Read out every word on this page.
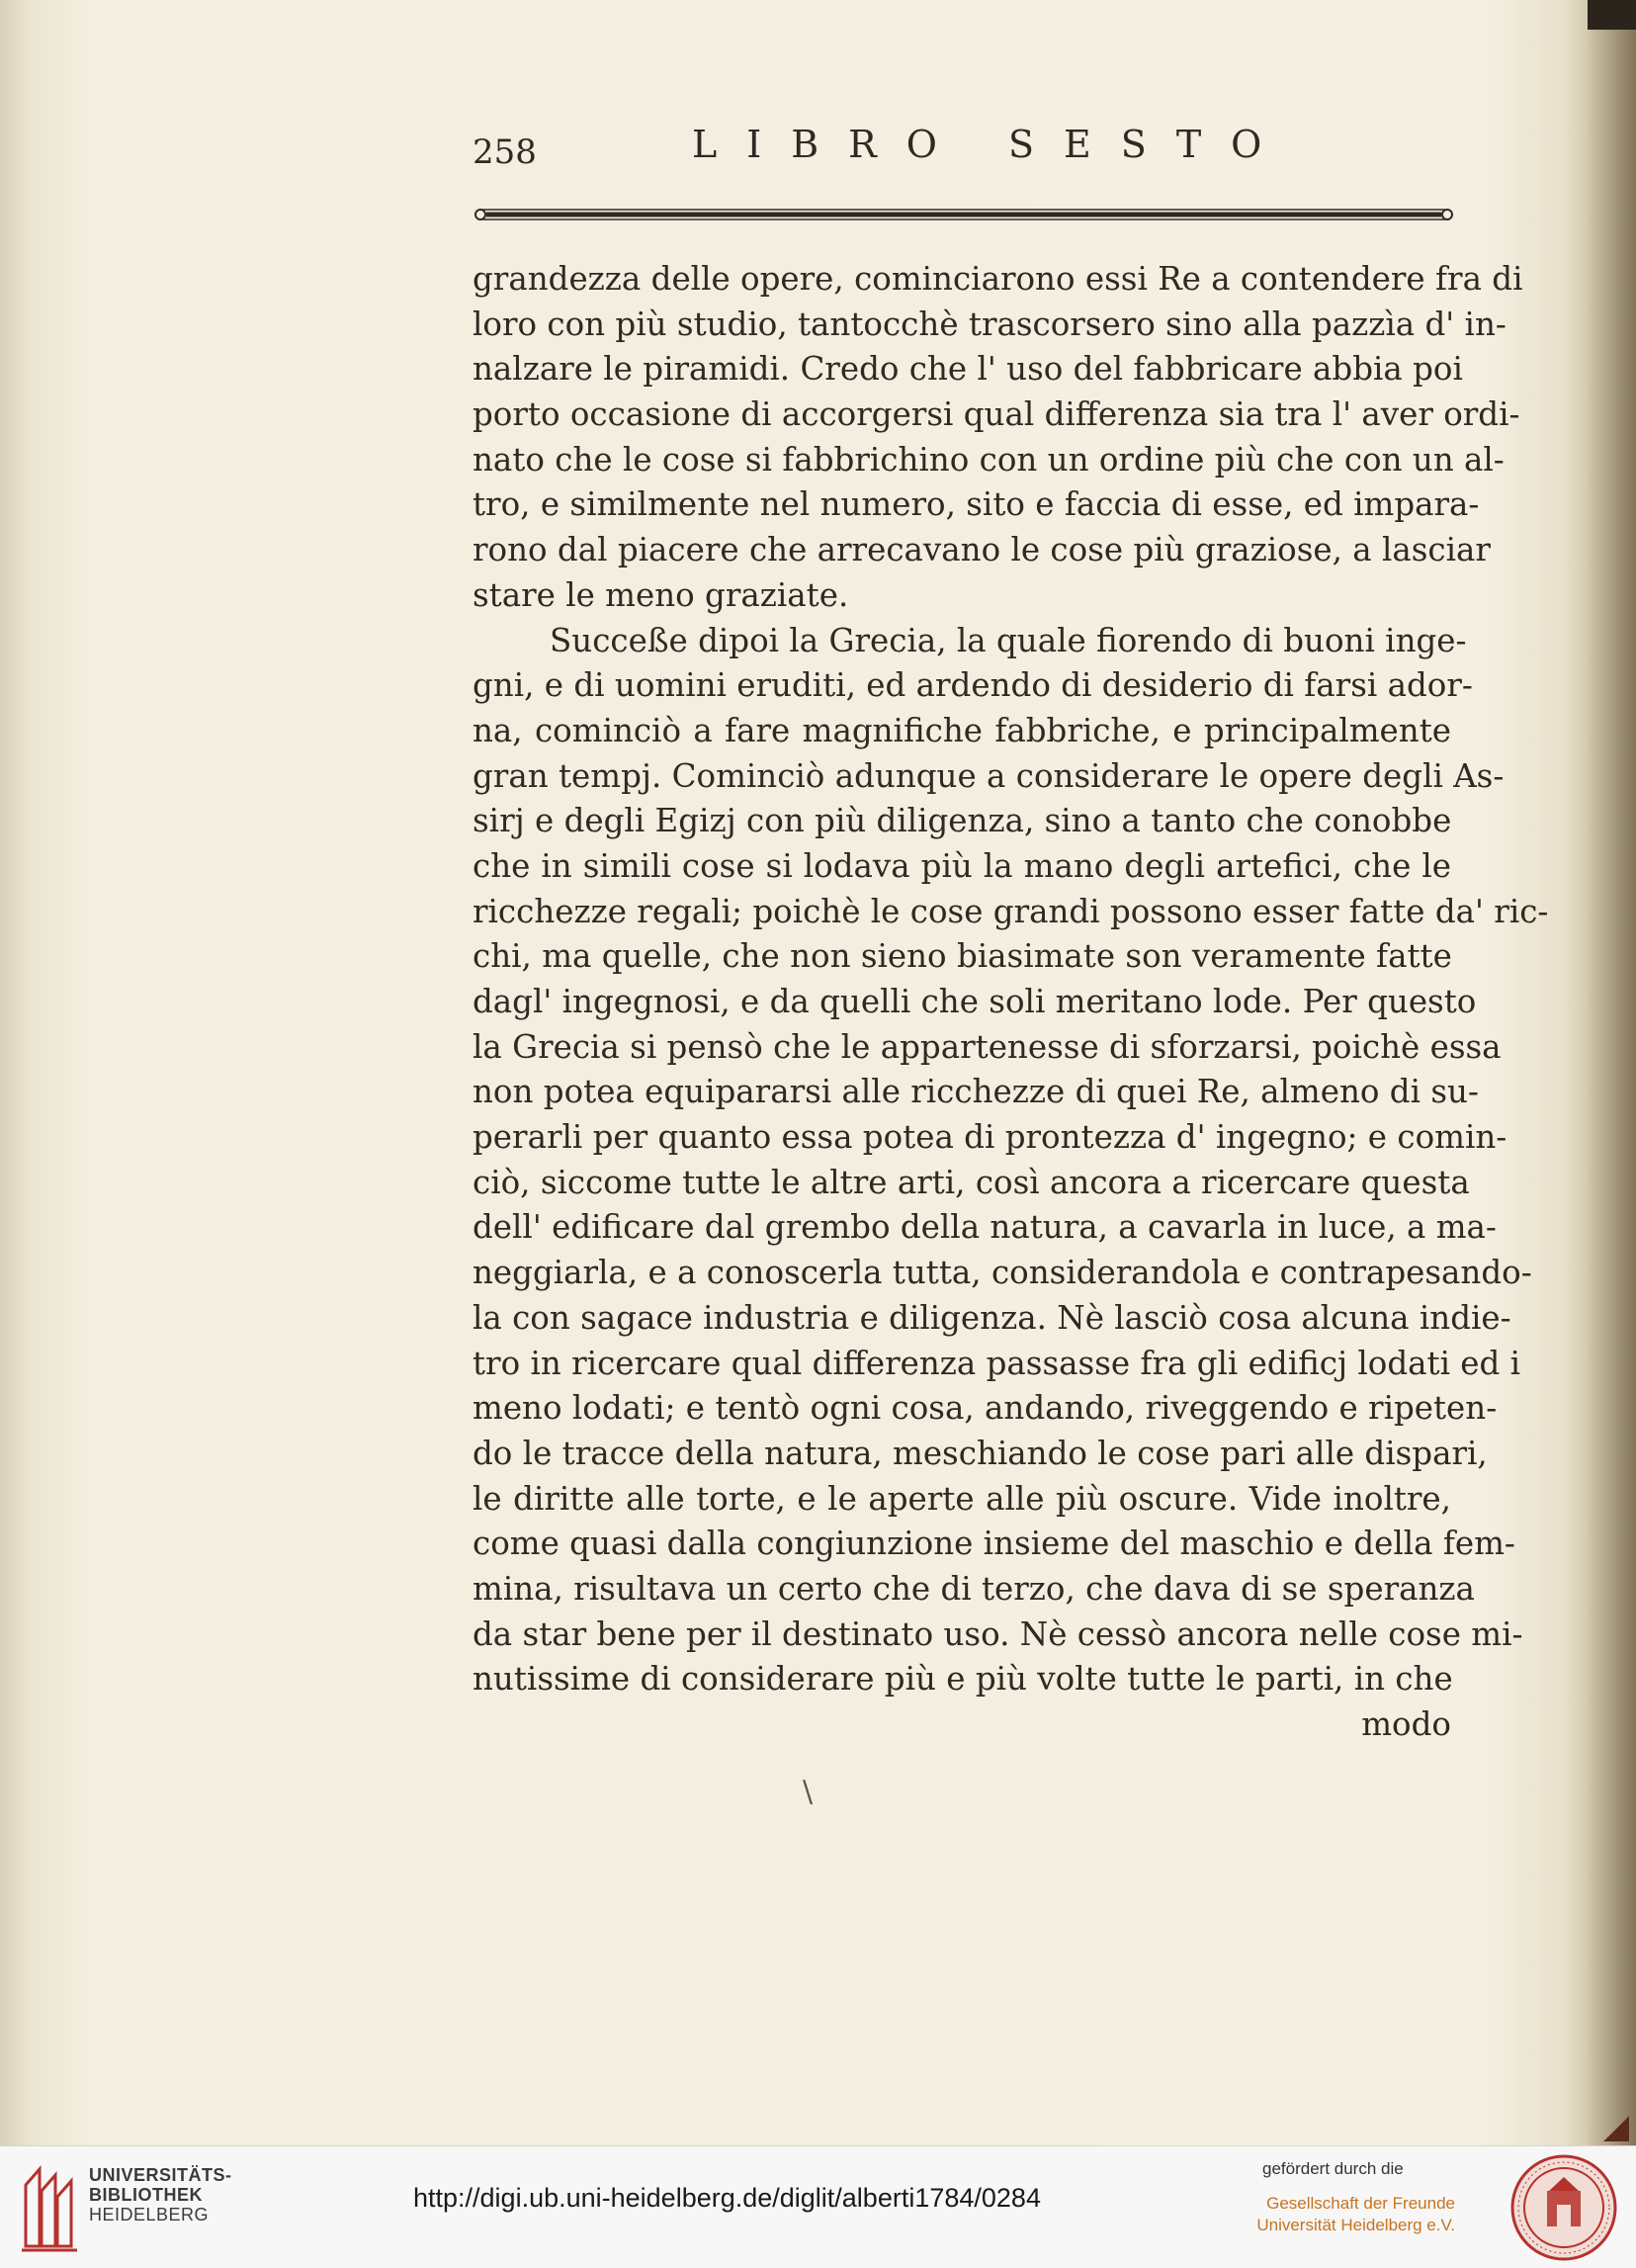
258	LIBRO SESTO
grandezza delle opere, cominciarono essi Re a contendere fra di
loro con più studio, tantocchè trascorsero sino alla pazzìa d' in-
nalzare le piramidi. Credo che l' uso del fabbricare abbia poi
porto occasione di accorgersi qual differenza sia tra l' aver ordi-
nato che le cose si fabbrichino con un ordine più che con un al-
tro, e similmente nel numero, sito e faccia di esse, ed impara-
rono dal piacere che arrecavano le cose più graziose, a lasciar
stare le meno graziate.
Succeße dipoi la Grecia, la quale fiorendo di buoni inge-
gni, e di uomini eruditi, ed ardendo di desiderio di farsi ador-
na, cominciò a fare magnifiche fabbriche, e principalmente
gran tempj. Cominciò adunque a considerare le opere degli As-
sirj e degli Egizj con più diligenza, sino a tanto che conobbe
che in simili cose si lodava più la mano degli artefici, che le
ricchezze regali; poichè le cose grandi possono esser fatte da' ric-
chi, ma quelle, che non sieno biasimate son veramente fatte
dagl' ingegnosi, e da quelli che soli meritano lode. Per questo
la Grecia si pensò che le appartenesse di sforzarsi, poichè essa
non potea equipararsi alle ricchezze di quei Re, almeno di su-
perarli per quanto essa potea di prontezza d' ingegno; e comin-
ciò, siccome tutte le altre arti, così ancora a ricercare questa
dell' edificare dal grembo della natura, a cavarla in luce, a ma-
neggiarla, e a conoscerla tutta, considerandola e contrapesando-
la con sagace industria e diligenza. Nè lasciò cosa alcuna indie-
tro in ricercare qual differenza passasse fra gli edificj lodati ed i
meno lodati; e tentò ogni cosa, andando, riveggendo e ripeten-
do le tracce della natura, meschiando le cose pari alle dispari,
le diritte alle torte, e le aperte alle più oscure. Vide inoltre,
come quasi dalla congiunzione insieme del maschio e della fem-
mina, risultava un certo che di terzo, che dava di se speranza
da star bene per il destinato uso. Nè cessò ancora nelle cose mi-
nutissime di considerare più e più volte tutte le parti, in che
modo
\
UNIVERSITÄTS-
BIBLIOTHEK
HEIDELBERG
http://digi.ub.uni-heidelberg.de/diglit/alberti1784/0284
gefördert durch die
Gesellschaft der Freunde
Universität Heidelberg e.V.
